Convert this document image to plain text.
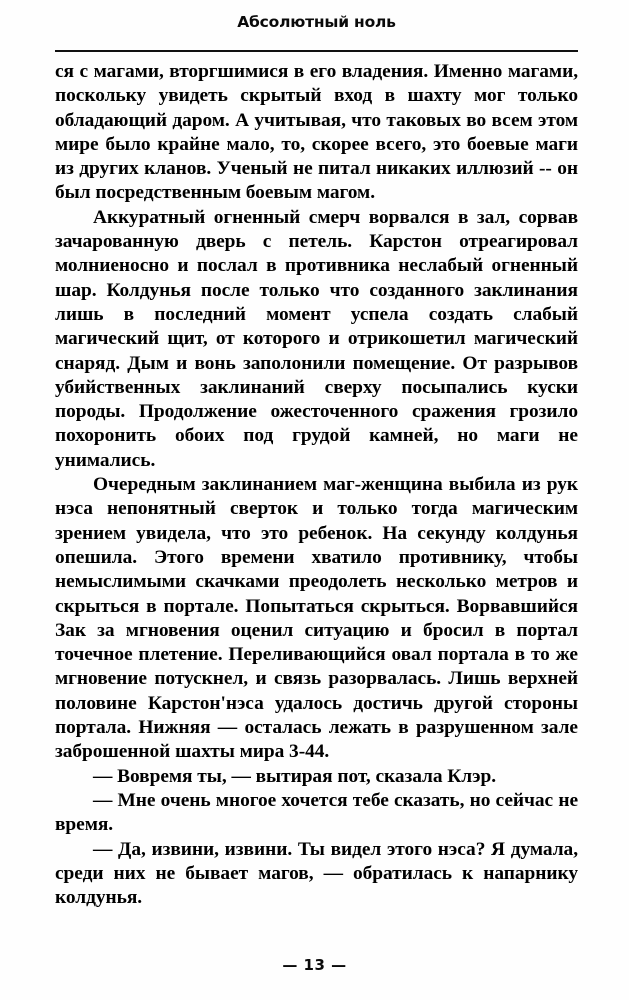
Абсолютный ноль

ся с магами, вторгшимися в его владения. Именно магами, поскольку увидеть скрытый вход в шахту мог только обладающий даром. А учитывая, что таковых во всем этом мире было крайне мало, то, скорее всего, это боевые маги из других кланов. Ученый не питал никаких иллюзий -- он был посредственным боевым магом.

Аккуратный огненный смерч ворвался в зал, сорвав зачарованную дверь с петель. Карстон отреагировал молниеносно и послал в противника неслабый огненный шар. Колдунья после только что созданного заклинания лишь в последний момент успела создать слабый магический щит, от которого и отрикошетил магический снаряд. Дым и вонь заполонили помещение. От разрывов убийственных заклинаний сверху посыпались куски породы. Продолжение ожесточенного сражения грозило похоронить обоих под грудой камней, но маги не унимались.

Очередным заклинанием маг-женщина выбила из рук нэса непонятный сверток и только тогда магическим зрением увидела, что это ребенок. На секунду колдунья опешила. Этого времени хватило противнику, чтобы немыслимыми скачками преодолеть несколько метров и скрыться в портале. Попытаться скрыться. Ворвавшийся Зак за мгновения оценил ситуацию и бросил в портал точечное плетение. Переливающийся овал портала в то же мгновение потускнел, и связь разорвалась. Лишь верхней половине Карстон'нэса удалось достичь другой стороны портала. Нижняя — осталась лежать в разрушенном зале заброшенной шахты мира 3-44.

— Вовремя ты, — вытирая пот, сказала Клэр.

— Мне очень многое хочется тебе сказать, но сейчас не время.

— Да, извини, извини. Ты видел этого нэса? Я думала, среди них не бывает магов, — обратилась к напарнику колдунья.

— 13 —
